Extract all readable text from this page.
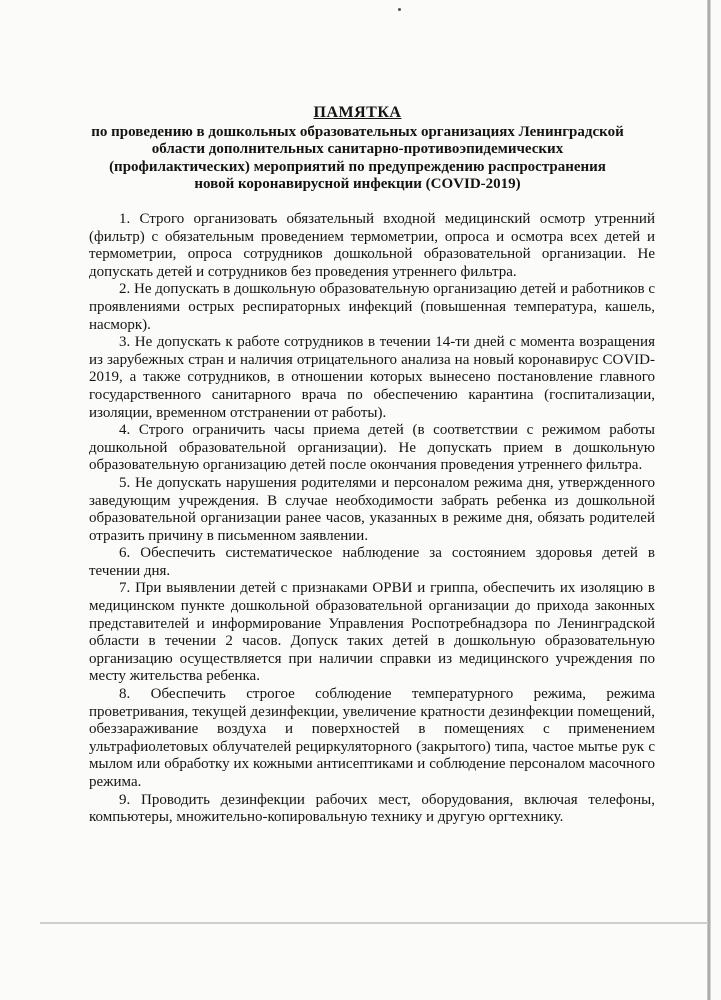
ПАМЯТКА
по проведению в дошкольных образовательных организациях Ленинградской области дополнительных санитарно-противоэпидемических (профилактических) мероприятий по предупреждению распространения новой коронавирусной инфекции (COVID-2019)

1. Строго организовать обязательный входной медицинский осмотр утренний (фильтр) с обязательным проведением термометрии, опроса и осмотра всех детей и термометрии, опроса сотрудников дошкольной образовательной организации. Не допускать детей и сотрудников без проведения утреннего фильтра.

2. Не допускать в дошкольную образовательную организацию детей и работников с проявлениями острых респираторных инфекций (повышенная температура, кашель, насморк).

3. Не допускать к работе сотрудников в течении 14-ти дней с момента возращения из зарубежных стран и наличия отрицательного анализа на новый коронавирус COVID-2019, а также сотрудников, в отношении которых вынесено постановление главного государственного санитарного врача по обеспечению карантина (госпитализации, изоляции, временном отстранении от работы).

4. Строго ограничить часы приема детей (в соответствии с режимом работы дошкольной образовательной организации). Не допускать прием в дошкольную образовательную организацию детей после окончания проведения утреннего фильтра.

5. Не допускать нарушения родителями и персоналом режима дня, утвержденного заведующим учреждения. В случае необходимости забрать ребенка из дошкольной образовательной организации ранее часов, указанных в режиме дня, обязать родителей отразить причину в письменном заявлении.

6. Обеспечить систематическое наблюдение за состоянием здоровья детей в течении дня.

7. При выявлении детей с признаками ОРВИ и гриппа, обеспечить их изоляцию в медицинском пункте дошкольной образовательной организации до прихода законных представителей и информирование Управления Роспотребнадзора по Ленинградской области в течении 2 часов. Допуск таких детей в дошкольную образовательную организацию осуществляется при наличии справки из медицинского учреждения по месту жительства ребенка.

8. Обеспечить строгое соблюдение температурного режима, режима проветривания, текущей дезинфекции, увеличение кратности дезинфекции помещений, обеззараживание воздуха и поверхностей в помещениях с применением ультрафиолетовых облучателей рециркуляторного (закрытого) типа, частое мытье рук с мылом или обработку их кожными антисептиками и соблюдение персоналом масочного режима.

9. Проводить дезинфекции рабочих мест, оборудования, включая телефоны, компьютеры, множительно-копировальную технику и другую оргтехнику.
